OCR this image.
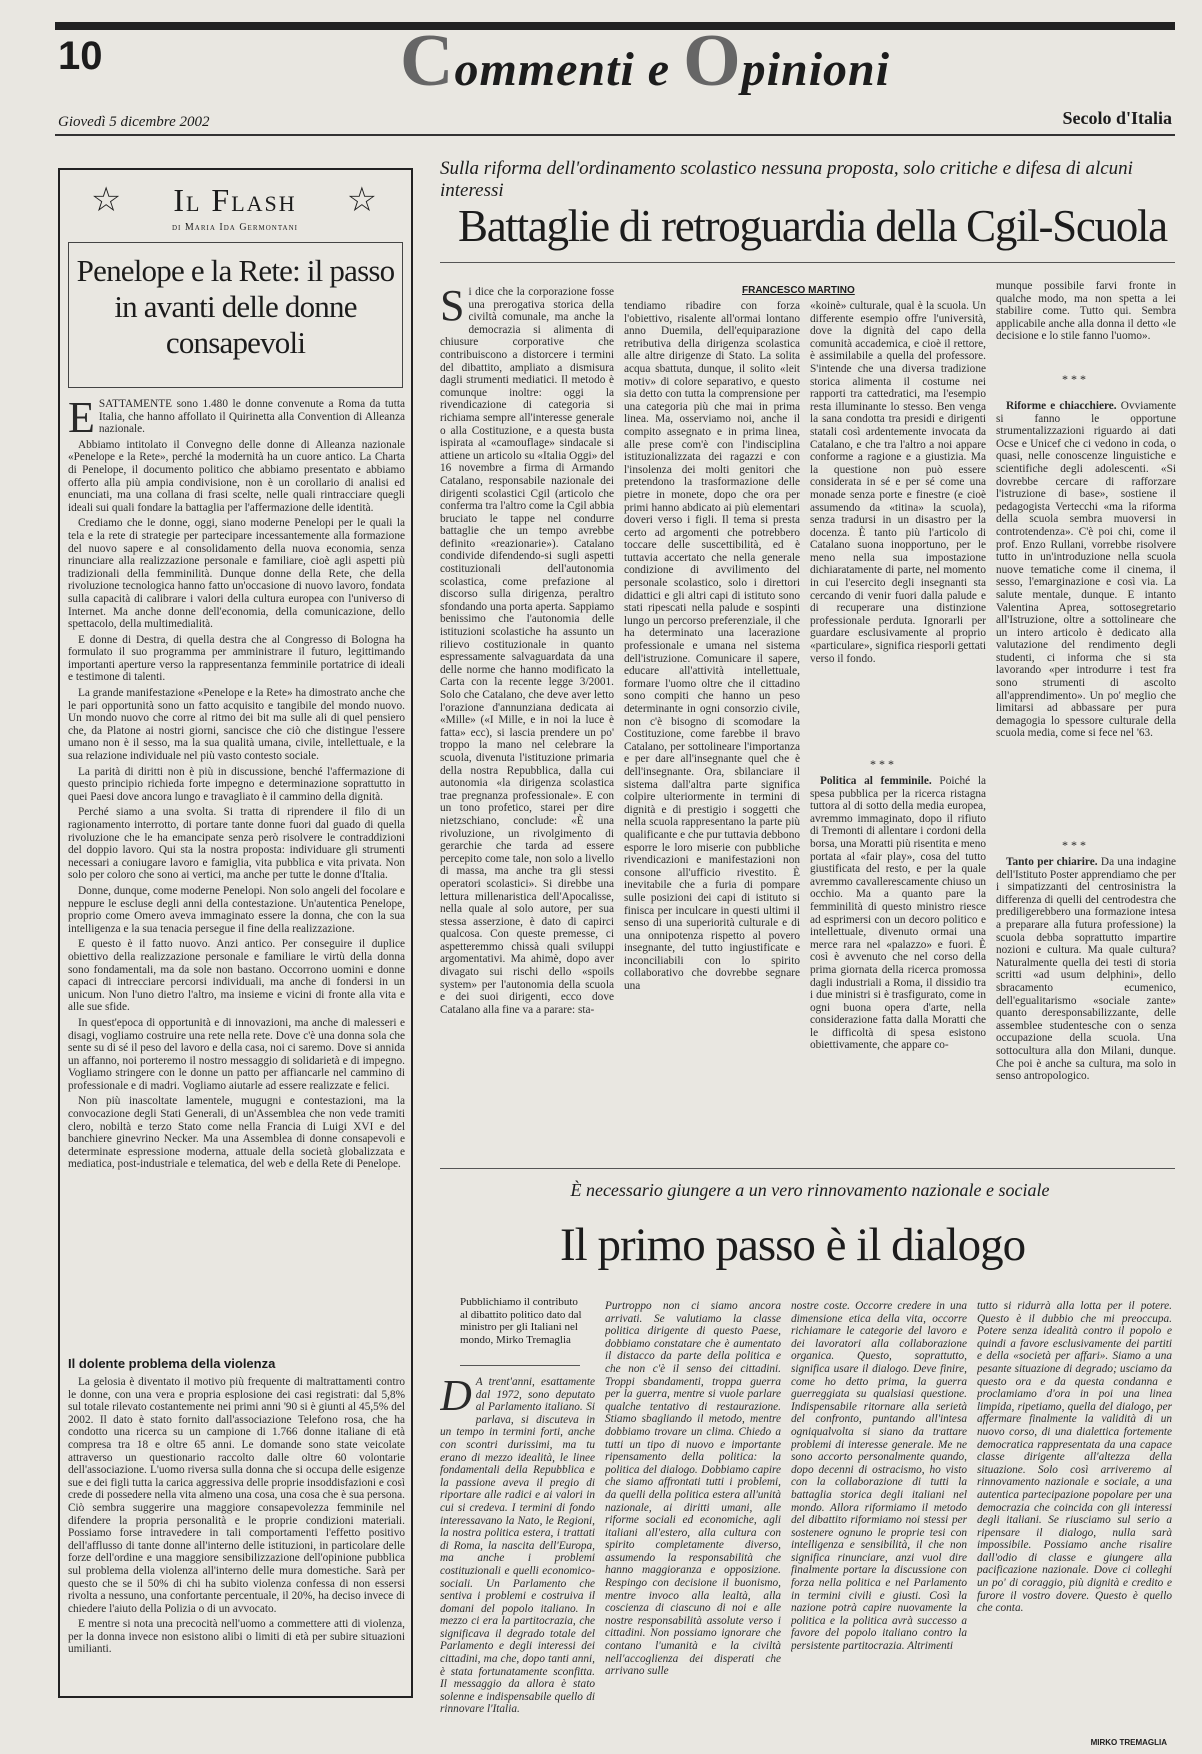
10	Commenti e Opinioni
Giovedì 5 dicembre 2002	Secolo d'Italia
☆ Il Flash ☆
di Maria Ida Germontani
Penelope e la Rete: il passo in avanti delle donne consapevoli

ESATTAMENTE sono 1.480 le donne convenute a Roma da tutta Italia, che hanno affollato il Quirinetta alla Convention di Alleanza nazionale.

Abbiamo intitolato il Convegno delle donne di Alleanza nazionale «Penelope e la Rete», perché la modernità ha un cuore antico. La Charta di Penelope, il documento politico che abbiamo presentato e abbiamo offerto alla più ampia condivisione, non è un corollario di analisi ed enunciati, ma una collana di frasi scelte, nelle quali rintracciare quegli ideali sui quali fondare la battaglia per l'affermazione delle identità.

Crediamo che le donne, oggi, siano moderne Penelopi per le quali la tela e la rete di strategie per partecipare incessantemente alla formazione del nuovo sapere e al consolidamento della nuova economia, senza rinunciare alla realizzazione personale e familiare, cioè agli aspetti più tradizionali della femminilità. Dunque donne della Rete, che della rivoluzione tecnologica hanno fatto un'occasione di nuovo lavoro, fondata sulla capacità di calibrare i valori della cultura europea con l'universo di Internet. Ma anche donne dell'economia, della comunicazione, dello spettacolo, della multimedialità.

E donne di Destra, di quella destra che al Congresso di Bologna ha formulato il suo programma per amministrare il futuro, legittimando importanti aperture verso la rappresentanza femminile portatrice di ideali e testimone di talenti.

La grande manifestazione «Penelope e la Rete» ha dimostrato anche che le pari opportunità sono un fatto acquisito e tangibile del mondo nuovo. Un mondo nuovo che corre al ritmo dei bit ma sulle ali di quel pensiero che, da Platone ai nostri giorni, sancisce che ciò che distingue l'essere umano non è il sesso, ma la sua qualità umana, civile, intellettuale, e la sua relazione individuale nel più vasto contesto sociale.

La parità di diritti non è più in discussione, benché l'affermazione di questo principio richieda forte impegno e determinazione soprattutto in quei Paesi dove ancora lungo e travagliato è il cammino della dignità.

Perché siamo a una svolta. Si tratta di riprendere il filo di un ragionamento interrotto, di portare tante donne fuori dal guado di quella rivoluzione che le ha emancipate senza però risolvere le contraddizioni del doppio lavoro. Qui sta la nostra proposta: individuare gli strumenti necessari a coniugare lavoro e famiglia, vita pubblica e vita privata. Non solo per coloro che sono ai vertici, ma anche per tutte le donne d'Italia.

Donne, dunque, come moderne Penelopi. Non solo angeli del focolare e neppure le escluse degli anni della contestazione. Un'autentica Penelope, proprio come Omero aveva immaginato essere la donna, che con la sua intelligenza e la sua tenacia persegue il fine della realizzazione.

E questo è il fatto nuovo. Anzi antico. Per conseguire il duplice obiettivo della realizzazione personale e familiare le virtù della donna sono fondamentali, ma da sole non bastano. Occorrono uomini e donne capaci di intrecciare percorsi individuali, ma anche di fondersi in un unicum. Non l'uno dietro l'altro, ma insieme e vicini di fronte alla vita e alle sue sfide.

In quest'epoca di opportunità e di innovazioni, ma anche di malesseri e disagi, vogliamo costruire una rete nella rete. Dove c'è una donna sola che sente su di sé il peso del lavoro e della casa, noi ci saremo. Dove si annida un affanno, noi porteremo il nostro messaggio di solidarietà e di impegno. Vogliamo stringere con le donne un patto per affiancarle nel cammino di professionale e di madri. Vogliamo aiutarle ad essere realizzate e felici.

Non più inascoltate lamentele, mugugni e contestazioni, ma la convocazione degli Stati Generali, di un'Assemblea che non vede tramiti clero, nobiltà e terzo Stato come nella Francia di Luigi XVI e del banchiere ginevrino Necker. Ma una Assemblea di donne consapevoli e determinate espressione moderna, attuale della società globalizzata e mediatica, post-industriale e telematica, del web e della Rete di Penelope.

Il dolente problema della violenza

La gelosia è diventato il motivo più frequente di maltrattamenti contro le donne, con una vera e propria esplosione dei casi registrati: dal 5,8% sul totale rilevato costantemente nei primi anni '90 si è giunti al 45,5% del 2002. Il dato è stato fornito dall'associazione Telefono rosa, che ha condotto una ricerca su un campione di 1.766 donne italiane di età compresa tra 18 e oltre 65 anni. Le domande sono state veicolate attraverso un questionario raccolto dalle oltre 60 volontarie dell'associazione. L'uomo riversa sulla donna che si occupa delle esigenze sue e dei figli tutta la carica aggressiva delle proprie insoddisfazioni e così crede di possedere nella vita almeno una cosa, una cosa che è sua persona. Ciò sembra suggerire una maggiore consapevolezza femminile nel difendere la propria personalità e le proprie condizioni materiali. Possiamo forse intravedere in tali comportamenti l'effetto positivo dell'afflusso di tante donne all'interno delle istituzioni, in particolare delle forze dell'ordine e una maggiore sensibilizzazione dell'opinione pubblica sul problema della violenza all'interno delle mura domestiche. Sarà per questo che se il 50% di chi ha subito violenza confessa di non essersi rivolta a nessuno, una confortante percentuale, il 20%, ha deciso invece di chiedere l'aiuto della Polizia o di un avvocato.

E mentre si nota una precocità nell'uomo a commettere atti di violenza, per la donna invece non esistono alibi o limiti di età per subire situazioni umilianti.

Sulla riforma dell'ordinamento scolastico nessuna proposta, solo critiche e difesa di alcuni interessi
Battaglie di retroguardia della Cgil-Scuola
FRANCESCO MARTINO

Si dice che la corporazione fosse una prerogativa storica della civiltà comunale, ma anche la democrazia si alimenta di chiusure corporative che contribuiscono a distorcere i termini del dibattito, ampliato a dismisura dagli strumenti mediatici. Il metodo è comunque inoltre: oggi la rivendicazione di categoria si richiama sempre all'interesse generale o alla Costituzione, e a questa busta ispirata al «camouflage» sindacale si attiene un articolo su «Italia Oggi» del 16 novembre a firma di Armando Catalano, responsabile nazionale dei dirigenti scolastici Cgil (articolo che conferma tra l'altro come la Cgil abbia bruciato le tappe nel condurre battaglie che un tempo avrebbe definito «reazionarie»). Catalano condivide difendendo-si sugli aspetti costituzionali dell'autonomia scolastica, come prefazione al discorso sulla dirigenza, peraltro sfondando una porta aperta. Sappiamo benissimo che l'autonomia delle istituzioni scolastiche ha assunto un rilievo costituzionale in quanto espressamente salvaguardata da una delle norme che hanno modificato la Carta con la recente legge 3/2001. Solo che Catalano, che deve aver letto l'orazione d'annunziana dedicata ai «Mille» («I Mille, e in noi la luce è fatta» ecc), si lascia prendere un po' troppo la mano nel celebrare la scuola, divenuta l'istituzione primaria della nostra Repubblica, dalla cui autonomia «la dirigenza scolastica trae pregnanza professionale». E con un tono profetico, starei per dire nietzschiano, conclude: «È una rivoluzione, un rivolgimento di gerarchie che tarda ad essere percepito come tale, non solo a livello di massa, ma anche tra gli stessi operatori scolastici». Si direbbe una lettura millenaristica dell'Apocalisse, nella quale al solo autore, per sua stessa asserzione, è dato di capirci qualcosa. Con queste premesse, ci aspetteremmo chissà quali sviluppi argomentativi. Ma ahimè, dopo aver divagato sui rischi dello «spoils system» per l'autonomia della scuola e dei suoi dirigenti, ecco dove Catalano alla fine va a parare: sta-

tendiamo ribadire con forza l'obiettivo, risalente all'ormai lontano anno Duemila, dell'equiparazione retributiva della dirigenza scolastica alle altre dirigenze di Stato. La solita acqua sbattuta, dunque, il solito «leit motiv» di colore separativo, e questo sia detto con tutta la comprensione per una categoria più che mai in prima linea. Ma, osserviamo noi, anche il compito assegnato e in prima linea, alle prese com'è con l'indisciplina istituzionalizzata dei ragazzi e con l'insolenza dei molti genitori che pretendono la trasformazione delle pietre in monete, dopo che ora per primi hanno abdicato ai più elementari doveri verso i figli. Il tema si presta certo ad argomenti che potrebbero toccare delle suscettibilità, ed è tuttavia accertato che nella generale condizione di avvilimento del personale scolastico, solo i direttori didattici e gli altri capi di istituto sono stati ripescati nella palude e sospinti lungo un percorso preferenziale, il che ha determinato una lacerazione professionale e umana nel sistema dell'istruzione. Comunicare il sapere, educare all'attività intellettuale, formare l'uomo oltre che il cittadino sono compiti che hanno un peso determinante in ogni consorzio civile, non c'è bisogno di scomodare la Costituzione, come farebbe il bravo Catalano, per sottolineare l'importanza e per dare all'insegnante quel che è dell'insegnante. Ora, sbilanciare il sistema dall'altra parte significa colpire ulteriormente in termini di dignità e di prestigio i soggetti che nella scuola rappresentano la parte più qualificante e che pur tuttavia debbono esporre le loro miserie con pubbliche rivendicazioni e manifestazioni non consone all'ufficio rivestito. È inevitabile che a furia di pompare sulle posizioni dei capi di istituto si finisca per inculcare in questi ultimi il senso di una superiorità culturale e di una onnipotenza rispetto al povero insegnante, del tutto ingiustificate e inconciliabili con lo spirito collaborativo che dovrebbe segnare una

«koinè» culturale, qual è la scuola. Un differente esempio offre l'università, dove la dignità del capo della comunità accademica, e cioè il rettore, è assimilabile a quella del professore. S'intende che una diversa tradizione storica alimenta il costume nei rapporti tra cattedratici, ma l'esempio resta illuminante lo stesso. Ben venga la sana condotta tra presidi e dirigenti statali così ardentemente invocata da Catalano, e che tra l'altro a noi appare conforme a ragione e a giustizia. Ma la questione non può essere considerata in sé e per sé come una monade senza porte e finestre (e cioè assumendo da «titina» la scuola), senza tradursi in un disastro per la docenza. È tanto più l'articolo di Catalano suona inopportuno, per le meno nella sua impostazione dichiaratamente di parte, nel momento in cui l'esercito degli insegnanti sta cercando di venir fuori dalla palude e di recuperare una distinzione professionale perduta. Ignorarli per guardare esclusivamente al proprio «particulare», significa riesporli gettati verso il fondo.

* * *

Politica al femminile. Poiché la spesa pubblica per la ricerca ristagna tuttora al di sotto della media europea, avremmo immaginato, dopo il rifiuto di Tremonti di allentare i cordoni della borsa, una Moratti più risentita e meno portata al «fair play», cosa del tutto giustificata del resto, e per la quale avremmo cavallerescamente chiuso un occhio. Ma a quanto pare la femminilità di questo ministro riesce ad esprimersi con un decoro politico e intellettuale, divenuto ormai una merce rara nel «palazzo» e fuori. È così è avvenuto che nel corso della prima giornata della ricerca promossa dagli industriali a Roma, il dissidio tra i due ministri si è trasfigurato, come in ogni buona opera d'arte, nella considerazione fatta dalla Moratti che le difficoltà di spesa esistono obiettivamente, che appare co-

munque possibile farvi fronte in qualche modo, ma non spetta a lei stabilire come. Tutto qui. Sembra applicabile anche alla donna il detto «le decisione e lo stile fanno l'uomo».

* * *

Riforme e chiacchiere. Ovviamente si fanno le opportune strumentalizzazioni riguardo ai dati Ocse e Unicef che ci vedono in coda, o quasi, nelle conoscenze linguistiche e scientifiche degli adolescenti. «Si dovrebbe cercare di rafforzare l'istruzione di base», sostiene il pedagogista Vertecchi «ma la riforma della scuola sembra muoversi in controtendenza». C'è poi chi, come il prof. Enzo Rullani, vorrebbe risolvere tutto in un'introduzione nella scuola nuove tematiche come il cinema, il sesso, l'emarginazione e così via. La salute mentale, dunque. E intanto Valentina Aprea, sottosegretario all'Istruzione, oltre a sottolineare che un intero articolo è dedicato alla valutazione del rendimento degli studenti, ci informa che si sta lavorando «per introdurre i test fra sono strumenti di ascolto all'apprendimento». Un po' meglio che limitarsi ad abbassare per pura demagogia lo spessore culturale della scuola media, come si fece nel '63.

* * *

Tanto per chiarire. Da una indagine dell'Istituto Poster apprendiamo che per i simpatizzanti del centrosinistra la differenza di quelli del centrodestra che prediligerebbero una formazione intesa a preparare alla futura professione) la scuola debba soprattutto impartire nozioni e cultura. Ma quale cultura? Naturalmente quella dei testi di storia scritti «ad usum delphini», dello sbracamento ecumenico, dell'egualitarismo «sociale zante» quanto deresponsabilizzante, delle assemblee studentesche con o senza occupazione della scuola. Una sottocultura alla don Milani, dunque. Che poi è anche sa cultura, ma solo in senso antropologico.

È necessario giungere a un vero rinnovamento nazionale e sociale
Il primo passo è il dialogo
Pubblichiamo il contributo al dibattito politico dato dal ministro per gli Italiani nel mondo, Mirko Tremaglia

D A trent'anni, esattamente dal 1972, sono deputato al Parlamento italiano. Si parlava, si discuteva in un tempo in termini forti, anche con scontri durissimi, ma tu erano di mezzo idealità, le linee fondamentali della Repubblica e la passione aveva il pregio di riportare alle radici e ai valori in cui si credeva. I termini di fondo interessavano la Nato, le Regioni, la nostra politica estera, i trattati di Roma, la nascita dell'Europa, ma anche i problemi costituzionali e quelli economico-sociali. Un Parlamento che sentiva i problemi e costruiva il domani del popolo italiano. In mezzo ci era la partitocrazia, che significava il degrado totale del Parlamento e degli interessi dei cittadini, ma che, dopo tanti anni, è stata fortunatamente sconfitta. Il messaggio da allora è stato solenne e indispensabile quello di rinnovare l'Italia.

Purtroppo non ci siamo ancora arrivati. Se valutiamo la classe politica dirigente di questo Paese, dobbiamo constatare che è aumentato il distacco da parte della politica e che non c'è il senso dei cittadini. Troppi sbandamenti, troppa guerra per la guerra, mentre si vuole parlare qualche tentativo di restaurazione. Stiamo sbagliando il metodo, mentre dobbiamo trovare un clima. Chiedo a tutti un tipo di nuovo e importante ripensamento della politica: la politica del dialogo. Dobbiamo capire che siamo affrontati tutti i problemi, da quelli della politica estera all'unità nazionale, ai diritti umani, alle riforme sociali ed economiche, agli italiani all'estero, alla cultura con spirito completamente diverso, assumendo la responsabilità che hanno maggioranza e opposizione. Respingo con decisione il buonismo, mentre invoco alla lealtà, alla coscienza di ciascuno di noi e alle nostre responsabilità assolute verso i cittadini. Non possiamo ignorare che contano l'umanità e la civiltà nell'accoglienza dei disperati che arrivano sulle

nostre coste. Occorre credere in una dimensione etica della vita, occorre richiamare le categorie del lavoro e dei lavoratori alla collaborazione organica. Questo, soprattutto, significa usare il dialogo. Deve finire, come ho detto prima, la guerra guerreggiata su qualsiasi questione. Indispensabile ritornare alla serietà del confronto, puntando all'intesa ogniqualvolta si siano da trattare problemi di interesse generale. Me ne sono accorto personalmente quando, dopo decenni di ostracismo, ho visto con la collaborazione di tutti la battaglia storica degli italiani nel mondo. Allora riformiamo il metodo del dibattito riformiamo noi stessi per sostenere ognuno le proprie tesi con intelligenza e sensibilità, il che non significa rinunciare, anzi vuol dire finalmente portare la discussione con forza nella politica e nel Parlamento in termini civili e giusti. Così la nazione potrà capire nuovamente la politica e la politica avrà successo a favore del popolo italiano contro la persistente partitocrazia. Altrimenti

tutto si ridurrà alla lotta per il potere. Questo è il dubbio che mi preoccupa. Potere senza idealità contro il popolo e quindi a favore esclusivamente dei partiti e della «società per affari». Siamo a una pesante situazione di degrado; usciamo da questo ora e da questa condanna e proclamiamo d'ora in poi una linea limpida, ripetiamo, quella del dialogo, per affermare finalmente la validità di un nuovo corso, di una dialettica fortemente democratica rappresentata da una capace classe dirigente all'altezza della situazione. Solo così arriveremo al rinnovamento nazionale e sociale, a una autentica partecipazione popolare per una democrazia che coincida con gli interessi degli italiani. Se riusciamo sul serio a ripensare il dialogo, nulla sarà impossibile. Possiamo anche risalire dall'odio di classe e giungere alla pacificazione nazionale. Dove ci colleghi un po' di coraggio, più dignità e credito e furore il vostro dovere. Questo è quello che conta.

MIRKO TREMAGLIA
